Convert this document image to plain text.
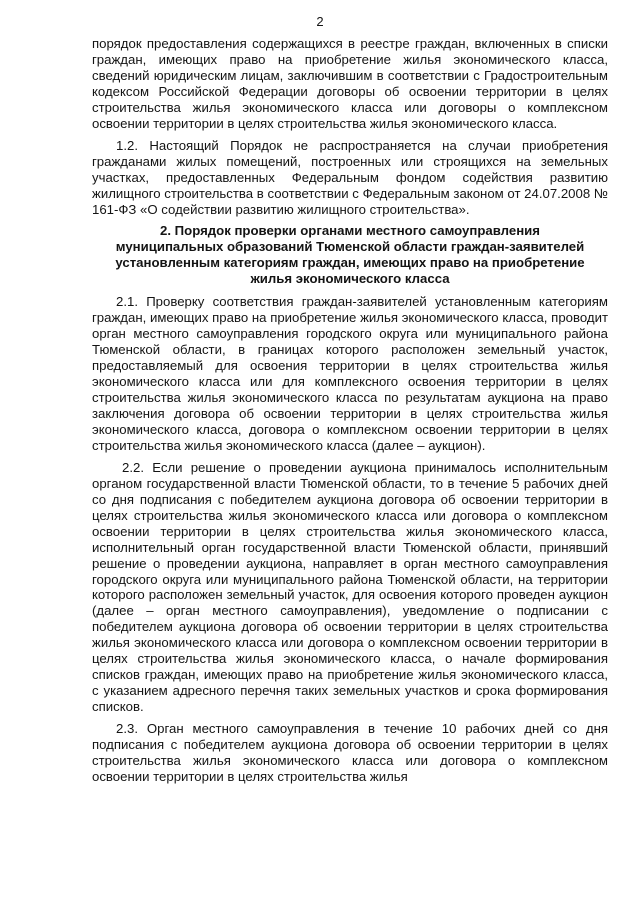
2

порядок предоставления содержащихся в реестре граждан, включенных в списки граждан, имеющих право на приобретение жилья экономического класса, сведений юридическим лицам, заключившим в соответствии с Градостроительным кодексом Российской Федерации договоры об освоении территории в целях строительства жилья экономического класса или договоры о комплексном освоении территории в целях строительства жилья экономического класса.

1.2. Настоящий Порядок не распространяется на случаи приобретения гражданами жилых помещений, построенных или строящихся на земельных участках, предоставленных Федеральным фондом содействия развитию жилищного строительства в соответствии с Федеральным законом от 24.07.2008 № 161-ФЗ «О содействии развитию жилищного строительства».

2. Порядок проверки органами местного самоуправления
муниципальных образований Тюменской области граждан-заявителей
установленным категориям граждан, имеющих право на приобретение
жилья экономического класса

2.1. Проверку соответствия граждан-заявителей установленным категориям граждан, имеющих право на приобретение жилья экономического класса, проводит орган местного самоуправления городского округа или муниципального района Тюменской области, в границах которого расположен земельный участок, предоставляемый для освоения территории в целях строительства жилья экономического класса или для комплексного освоения территории в целях строительства жилья экономического класса по результатам аукциона на право заключения договора об освоении территории в целях строительства жилья экономического класса, договора о комплексном освоении территории в целях строительства жилья экономического класса (далее – аукцион).

2.2. Если решение о проведении аукциона принималось исполнительным органом государственной власти Тюменской области, то в течение 5 рабочих дней со дня подписания с победителем аукциона договора об освоении территории в целях строительства жилья экономического класса или договора о комплексном освоении территории в целях строительства жилья экономического класса, исполнительный орган государственной власти Тюменской области, принявший решение о проведении аукциона, направляет в орган местного самоуправления городского округа или муниципального района Тюменской области, на территории которого расположен земельный участок, для освоения которого проведен аукцион (далее – орган местного самоуправления), уведомление о подписании с победителем аукциона договора об освоении территории в целях строительства жилья экономического класса или договора о комплексном освоении территории в целях строительства жилья экономического класса, о начале формирования списков граждан, имеющих право на приобретение жилья экономического класса, с указанием адресного перечня таких земельных участков и срока формирования списков.

2.3. Орган местного самоуправления в течение 10 рабочих дней со дня подписания с победителем аукциона договора об освоении территории в целях строительства жилья экономического класса или договора о комплексном освоении территории в целях строительства жилья
